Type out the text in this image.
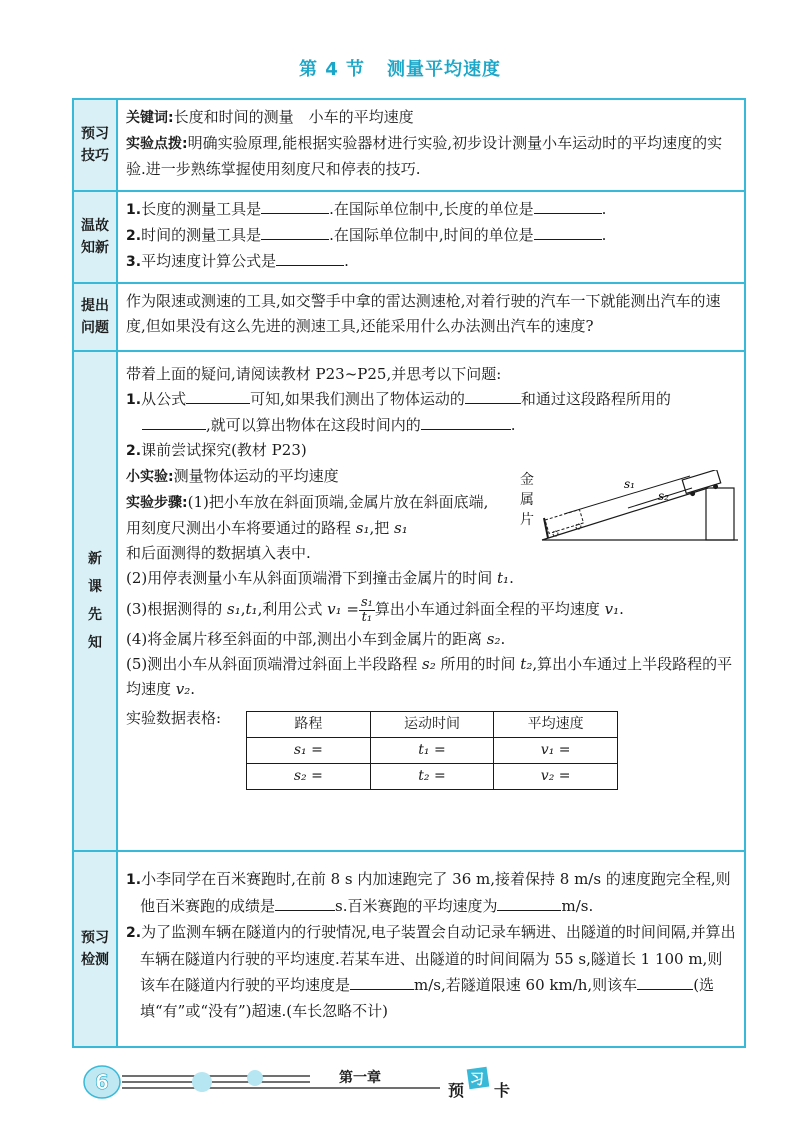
第 4 节 测量平均速度
预习
技巧	

关键词:长度和时间的测量　小车的平均速度

实验点拨:明确实验原理,能根据实验器材进行实验,初步设计测量小车运动时的平均速度的实验.进一步熟练掌握使用刻度尺和停表的技巧.

温故
知新	

1.长度的测量工具是	.在国际单位制中,长度的单位是	.

2.时间的测量工具是	.在国际单位制中,时间的单位是	.

3.平均速度计算公式是	.

提出
问题	

作为限速或测速的工具,如交警手中拿的雷达测速枪,对着行驶的汽车一下就能测出汽车的速度,但如果没有这么先进的测速工具,还能采用什么办法测出汽车的速度?

新
课
先
知

带着上面的疑问,请阅读教材 P23~P25,并思考以下问题:

1.从公式	可知,如果我们测出了物体运动的	和通过这段路程所用的

,就可以算出物体在这段时间内的	.

2.课前尝试探究(教材 P23)

小实验:测量物体运动的平均速度

实验步骤:(1)把小车放在斜面顶端,金属片放在斜面底端,用刻度尺测出小车将要通过的路程 s₁,把 s₁

和后面测得的数据填入表中.

金
属
片
s₁
s₂

(2)用停表测量小车从斜面顶端滑下到撞击金属片的时间 t₁.

(3)根据测得的 s₁,t₁,利用公式 $v_1 = \frac{\text{s₁}}{\text{t₁}}$ 算出小车通过斜面全程的平均速度 v₁.

(4)将金属片移至斜面的中部,测出小车到金属片的距离 s₂.

(5)测出小车从斜面顶端滑过斜面上半段路程 s₂ 所用的时间 t₂,算出小车通过上半段路程的平均速度 v₂.

实验数据表格:	路程	运动时间	平均速度
s₁ =	t₁ =	v₁ =
s₂ =	t₂ =	v₂ =

预习
检测	

1.小李同学在百米赛跑时,在前 8 s 内加速跑完了 36 m,接着保持 8 m/s 的速度跑完全程,则他百米赛跑的成绩是	s.百米赛跑的平均速度为	m/s.

2.为了监测车辆在隧道内的行驶情况,电子装置会自动记录车辆进、出隧道的时间间隔,并算出车辆在隧道内行驶的平均速度.若某车进、出隧道的时间间隔为 55 s,隧道长 1 100 m,则该车在隧道内行驶的平均速度是	m/s,若隧道限速 60 km/h,则该车	(选填“有”或“没有”)超速.(车长忽略不计)

6	第一章
预
习
卡
